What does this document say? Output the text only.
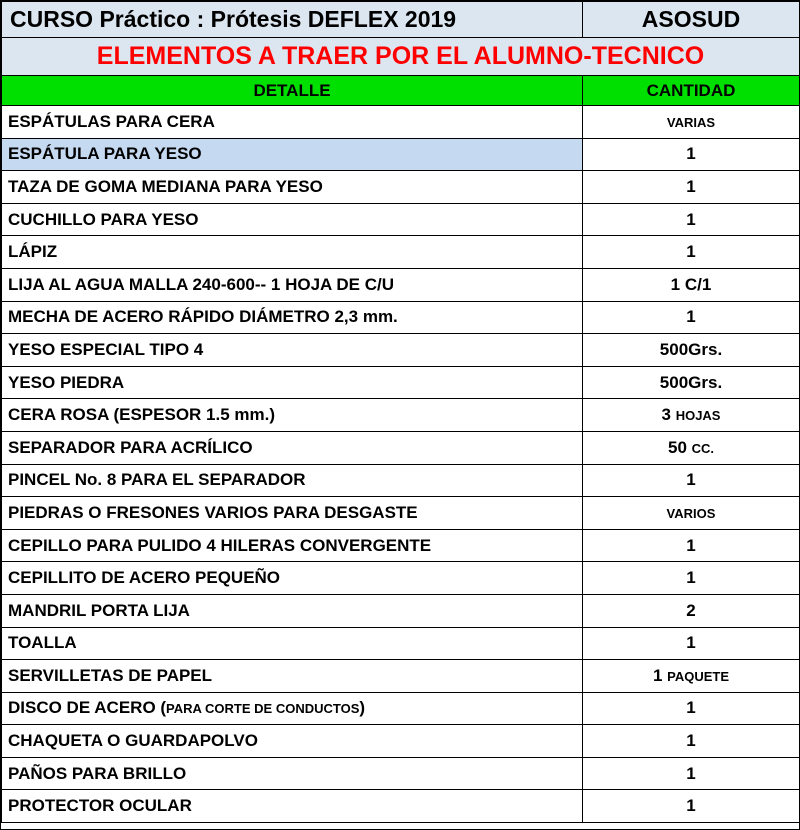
CURSO Práctico : Prótesis DEFLEX 2019	ASOSUD
ELEMENTOS A TRAER POR EL ALUMNO-TECNICO	
DETALLE	CANTIDAD
ESPÁTULAS PARA CERA	VARIAS
ESPÁTULA PARA YESO	1
TAZA DE GOMA MEDIANA PARA YESO	1
CUCHILLO PARA YESO	1
LÁPIZ	1
LIJA AL AGUA MALLA 240-600-- 1 HOJA DE C/U	1 C/1
MECHA DE ACERO RÁPIDO DIÁMETRO 2,3 mm.	1
YESO ESPECIAL TIPO 4	500Grs.
YESO PIEDRA	500Grs.
CERA ROSA (ESPESOR 1.5 mm.)	3 HOJAS
SEPARADOR PARA ACRÍLICO	50 CC.
PINCEL No. 8 PARA EL SEPARADOR	1
PIEDRAS O FRESONES VARIOS PARA DESGASTE	VARIOS
CEPILLO PARA PULIDO 4 HILERAS CONVERGENTE	1
CEPILLITO DE ACERO PEQUEÑO	1
MANDRIL PORTA LIJA	2
TOALLA	1
SERVILLETAS DE PAPEL	1 PAQUETE
DISCO DE ACERO (PARA CORTE DE CONDUCTOS)	1
CHAQUETA O GUARDAPOLVO	1
PAÑOS PARA BRILLO	1
PROTECTOR OCULAR	1
